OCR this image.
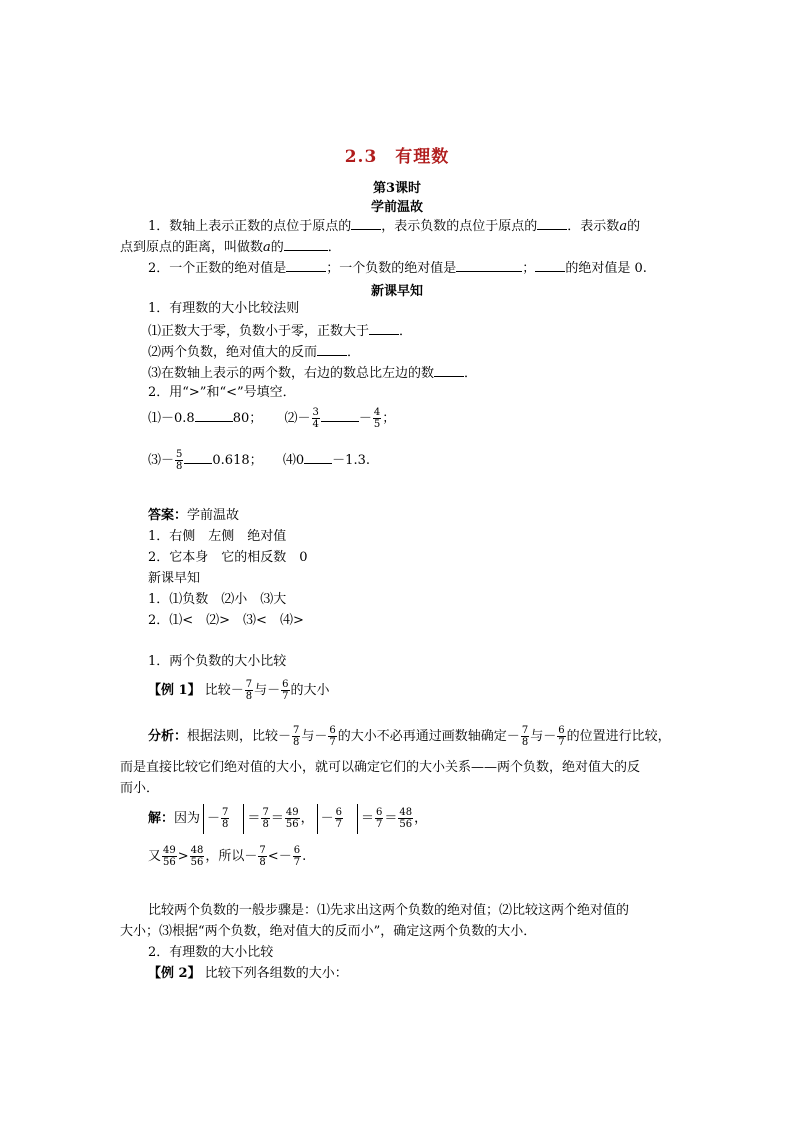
2.3　有理数
第3课时
学前温故
1．数轴上表示正数的点位于原点的 ，表示负数的点位于原点的 ．表示数a的
点到原点的距离，叫做数a的	．
2．一个正数的绝对值是	；一个负数的绝对值是	； 的绝对值是 0.
新课早知
1．有理数的大小比较法则
⑴正数大于零，负数小于零，正数大于 ．
⑵两个负数，绝对值大的反而 ．
⑶在数轴上表示的两个数，右边的数总比左边的数 ．
2．用“>”和“<”号填空．
⑴－0.8	80； ⑵－ $\frac{3}{4}$	－ $\frac{4}{5}$ ；
⑶－ $\frac{5}{8} 0.618$； ⑷0 －1.3.
答案：学前温故
1．右侧　左侧　绝对值
2．它本身　它的相反数　0
新课早知
1．⑴负数　⑵小　⑶大
2．⑴<　⑵>　⑶<　⑷>
1．两个负数的大小比较
【例 1】 比较－ $\frac{7}{8}$ 与－ $\frac{6}{7}$ 的大小
分析：根据法则，比较－ $\frac{7}{8}$ 与－ $\frac{6}{7}$ 的大小不必再通过画数轴确定－ $\frac{7}{8}$ 与－ $\frac{6}{7}$ 的位置进行比较，
而是直接比较它们绝对值的大小，就可以确定它们的大小关系——两个负数，绝对值大的反
而小．
解：因为 － $\frac{7}{8} = \frac{7}{8} = \frac{49}{56}$ ， － $\frac{6}{7} = \frac{6}{7} = \frac{48}{56}$ ，
又 $\frac{49}{56} > \frac{48}{56}$ ，所以－ $\frac{7}{8} <- \frac{6}{7}$ .
比较两个负数的一般步骤是：⑴先求出这两个负数的绝对值；⑵比较这两个绝对值的
大小；⑶根据“两个负数，绝对值大的反而小”，确定这两个负数的大小．
2．有理数的大小比较
【例 2】 比较下列各组数的大小：
